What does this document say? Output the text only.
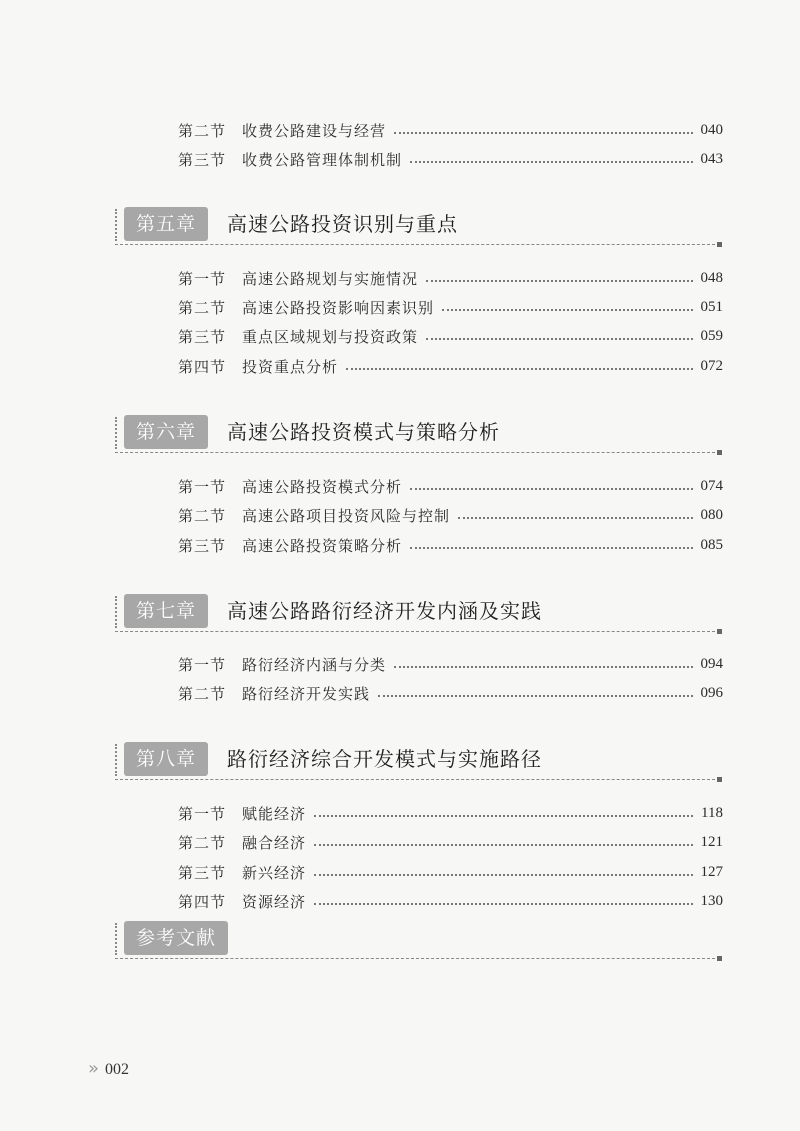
第二节	收费公路建设与经营	040
第三节	收费公路管理体制机制	043
第五章	高速公路投资识别与重点
第一节	高速公路规划与实施情况	048
第二节	高速公路投资影响因素识别	051
第三节	重点区域规划与投资政策	059
第四节	投资重点分析	072
第六章	高速公路投资模式与策略分析
第一节	高速公路投资模式分析	074
第二节	高速公路项目投资风险与控制	080
第三节	高速公路投资策略分析	085
第七章	高速公路路衍经济开发内涵及实践
第一节	路衍经济内涵与分类	094
第二节	路衍经济开发实践	096
第八章	路衍经济综合开发模式与实施路径
第一节	赋能经济	118
第二节	融合经济	121
第三节	新兴经济	127
第四节	资源经济	130
参考文献
» 002
